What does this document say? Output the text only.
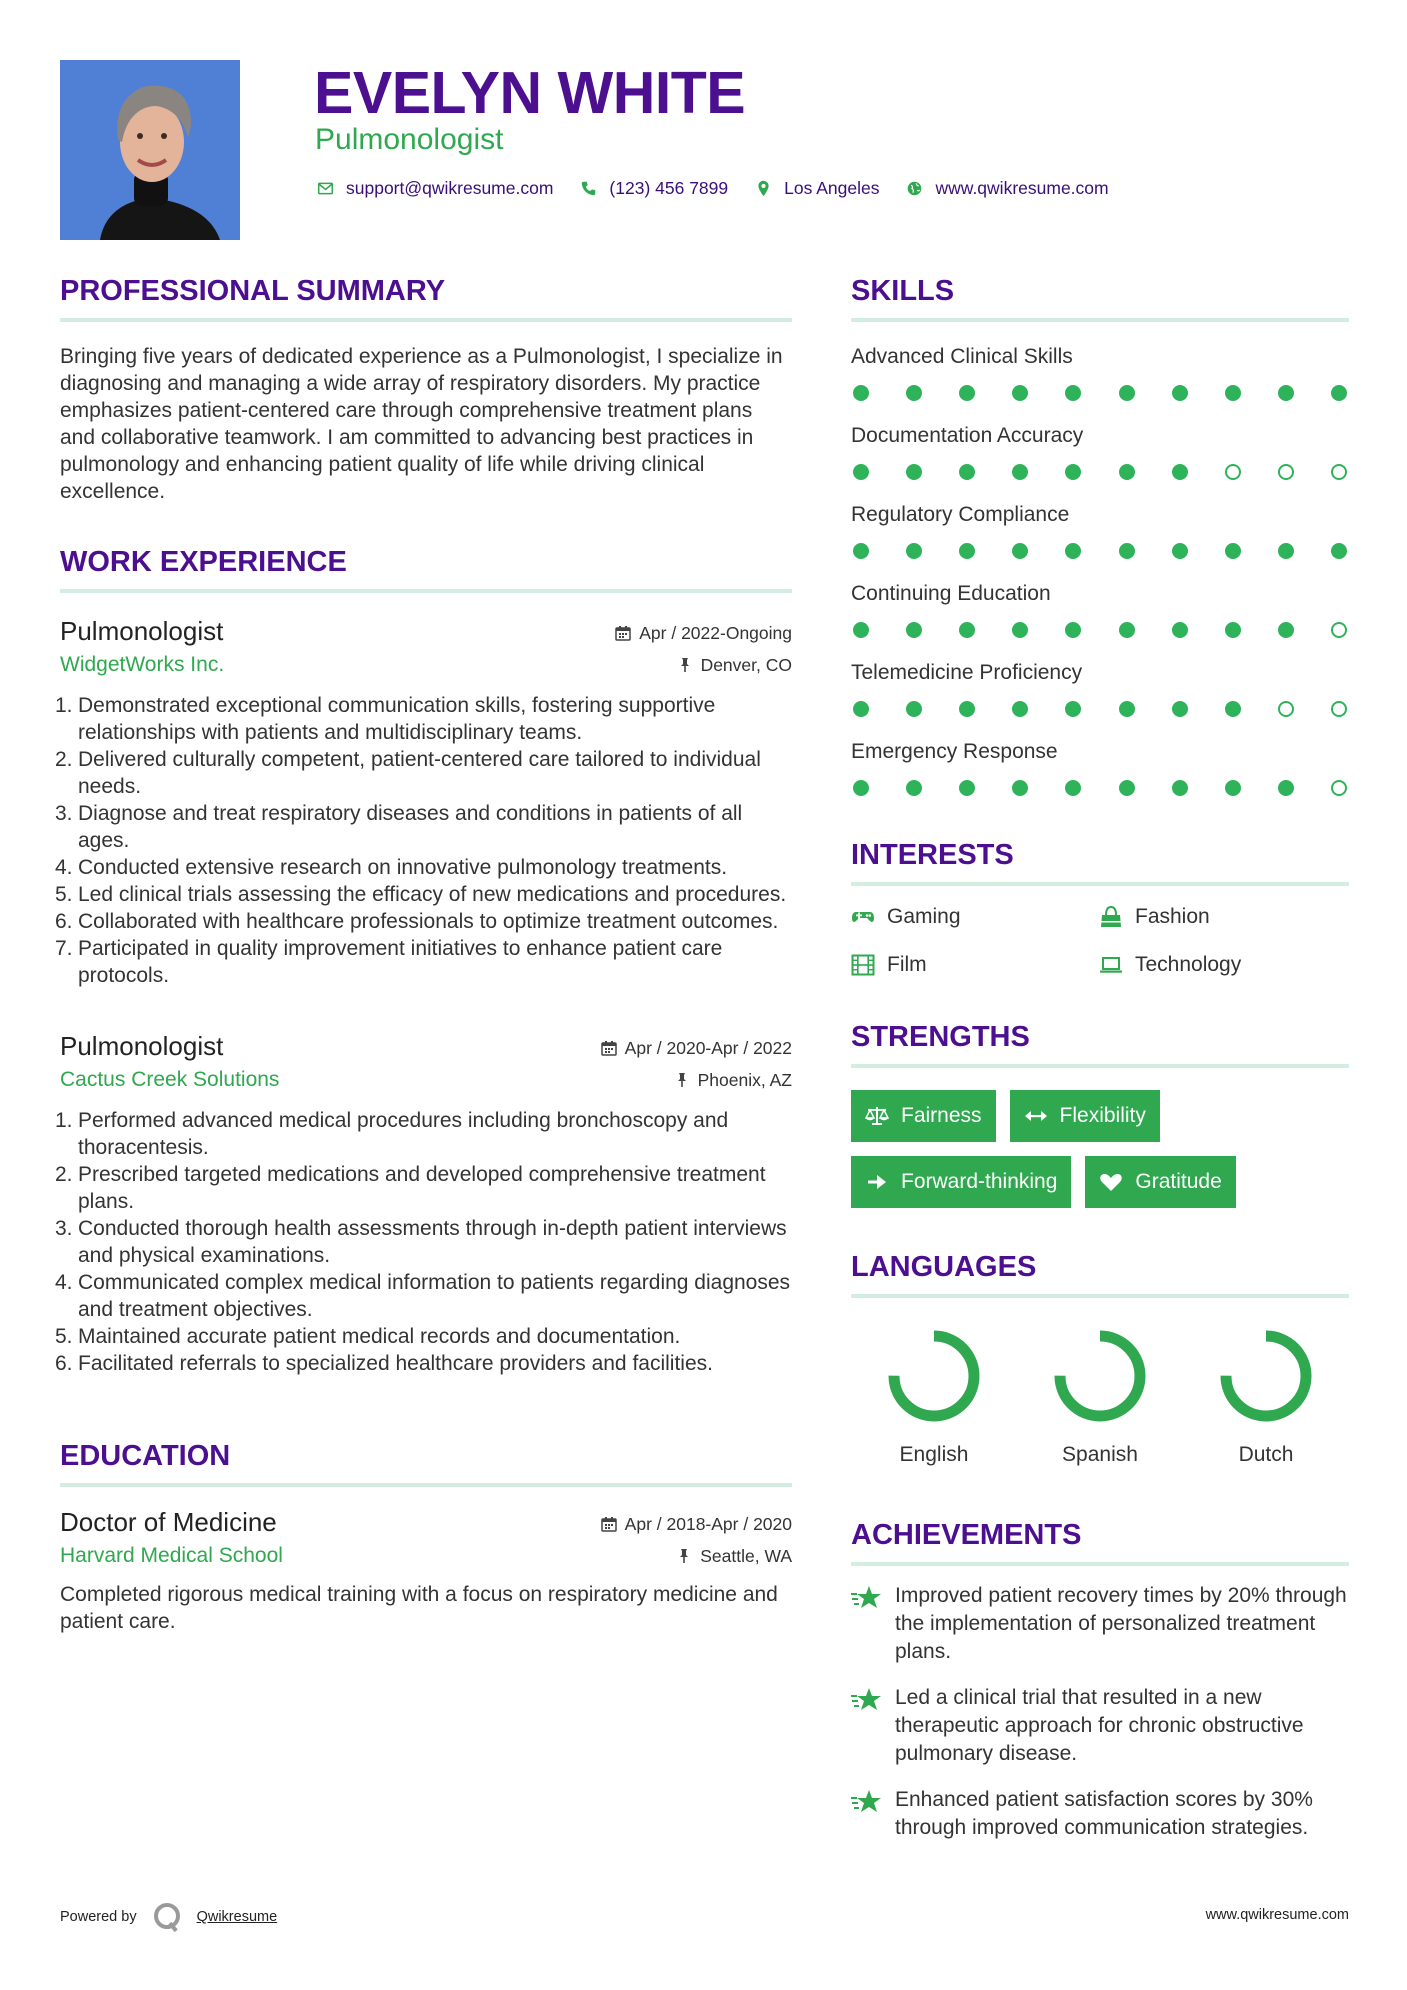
EVELYN WHITE
Pulmonologist
support@qwikresume.com	(123) 456 7899	Los Angeles	www.qwikresume.com
PROFESSIONAL SUMMARY
Bringing five years of dedicated experience as a Pulmonologist, I specialize in diagnosing and managing a wide array of respiratory disorders. My practice emphasizes patient-centered care through comprehensive treatment plans and collaborative teamwork. I am committed to advancing best practices in pulmonology and enhancing patient quality of life while driving clinical excellence.
WORK EXPERIENCE
Pulmonologist	Apr / 2022-Ongoing
WidgetWorks Inc.	Denver, CO
1. Demonstrated exceptional communication skills, fostering supportive relationships with patients and multidisciplinary teams.
2. Delivered culturally competent, patient-centered care tailored to individual needs.
3. Diagnose and treat respiratory diseases and conditions in patients of all ages.
4. Conducted extensive research on innovative pulmonology treatments.
5. Led clinical trials assessing the efficacy of new medications and procedures.
6. Collaborated with healthcare professionals to optimize treatment outcomes.
7. Participated in quality improvement initiatives to enhance patient care protocols.
Pulmonologist	Apr / 2020-Apr / 2022
Cactus Creek Solutions	Phoenix, AZ
1. Performed advanced medical procedures including bronchoscopy and thoracentesis.
2. Prescribed targeted medications and developed comprehensive treatment plans.
3. Conducted thorough health assessments through in-depth patient interviews and physical examinations.
4. Communicated complex medical information to patients regarding diagnoses and treatment objectives.
5. Maintained accurate patient medical records and documentation.
6. Facilitated referrals to specialized healthcare providers and facilities.
EDUCATION
Doctor of Medicine	Apr / 2018-Apr / 2020
Harvard Medical School	Seattle, WA
Completed rigorous medical training with a focus on respiratory medicine and patient care.
SKILLS
Advanced Clinical Skills
Documentation Accuracy
Regulatory Compliance
Continuing Education
Telemedicine Proficiency
Emergency Response
INTERESTS
Gaming	Fashion
Film	Technology
STRENGTHS
Fairness	Flexibility
Forward-thinking	Gratitude
LANGUAGES
English	Spanish	Dutch
ACHIEVEMENTS
Improved patient recovery times by 20% through the implementation of personalized treatment plans.
Led a clinical trial that resulted in a new therapeutic approach for chronic obstructive pulmonary disease.
Enhanced patient satisfaction scores by 30% through improved communication strategies.
Powered by	Qwikresume	www.qwikresume.com
